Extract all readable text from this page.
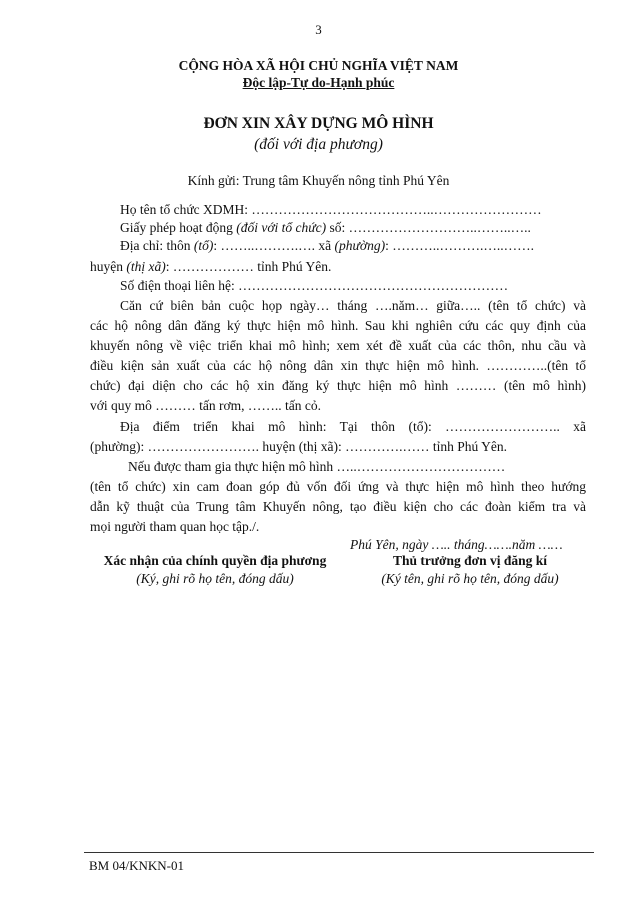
3
CỘNG HÒA XÃ HỘI CHỦ NGHĨA VIỆT NAM
Độc lập-Tự do-Hạnh phúc
ĐƠN XIN XÂY DỰNG MÔ HÌNH
(đối với địa phương)
Kính gửi: Trung tâm Khuyến nông tỉnh Phú Yên
Họ tên tổ chức XDMH: …………………………………..……………………
Giấy phép hoạt động (đối với tổ chức) số: ………………………..……..…..
Địa chỉ: thôn (tổ): ……..……….…. xã (phường): ………..……….…..…….
huyện (thị xã): ……………… tỉnh Phú Yên.
Số điện thoại liên hệ: ……………………………………………………
Căn cứ biên bản cuộc họp ngày… tháng ….năm… giữa….. (tên tổ chức) và
các hộ nông dân đăng ký thực hiện mô hình. Sau khi nghiên cứu các quy định của
khuyến nông về việc triển khai mô hình; xem xét đề xuất của các thôn, nhu cầu và
điều kiện sản xuất của các hộ nông dân xin thực hiện mô hình. …………..(tên tổ
chức) đại diện cho các hộ xin đăng ký thực hiện mô hình ……… (tên mô hình)
với quy mô ……… tấn rơm, …….. tấn cỏ.
Địa điểm triển khai mô hình: Tại thôn (tổ): …………………….. xã
(phường): ……………………. huyện (thị xã): ………….…… tỉnh Phú Yên.
Nếu được tham gia thực hiện mô hình …..……………………………
(tên tổ chức) xin cam đoan góp đủ vốn đối ứng và thực hiện mô hình theo hướng
dẫn kỹ thuật của Trung tâm Khuyến nông, tạo điều kiện cho các đoàn kiểm tra và
mọi người tham quan học tập./.
Phú Yên, ngày ….. tháng…….năm ……
Xác nhận của chính quyền địa phương	Thủ trưởng đơn vị đăng kí
(Ký, ghi rõ họ tên, đóng dấu)	(Ký tên, ghi rõ họ tên, đóng dấu)
BM 04/KNKN-01
